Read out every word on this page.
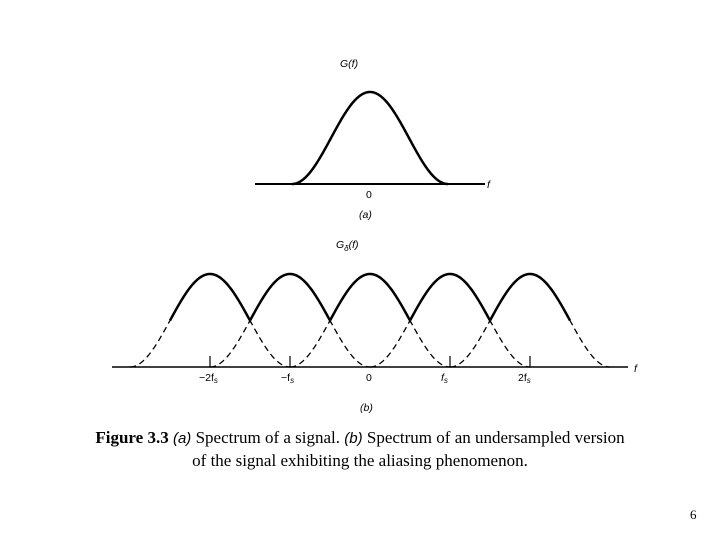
G(f)
f
0
(a)
$G_\delta(f)$
f
−2fs	−fs	0	fs	2fs
(b)
Figure 3.3 (a) Spectrum of a signal. (b) Spectrum of an undersampled version
of the signal exhibiting the aliasing phenomenon.
6
